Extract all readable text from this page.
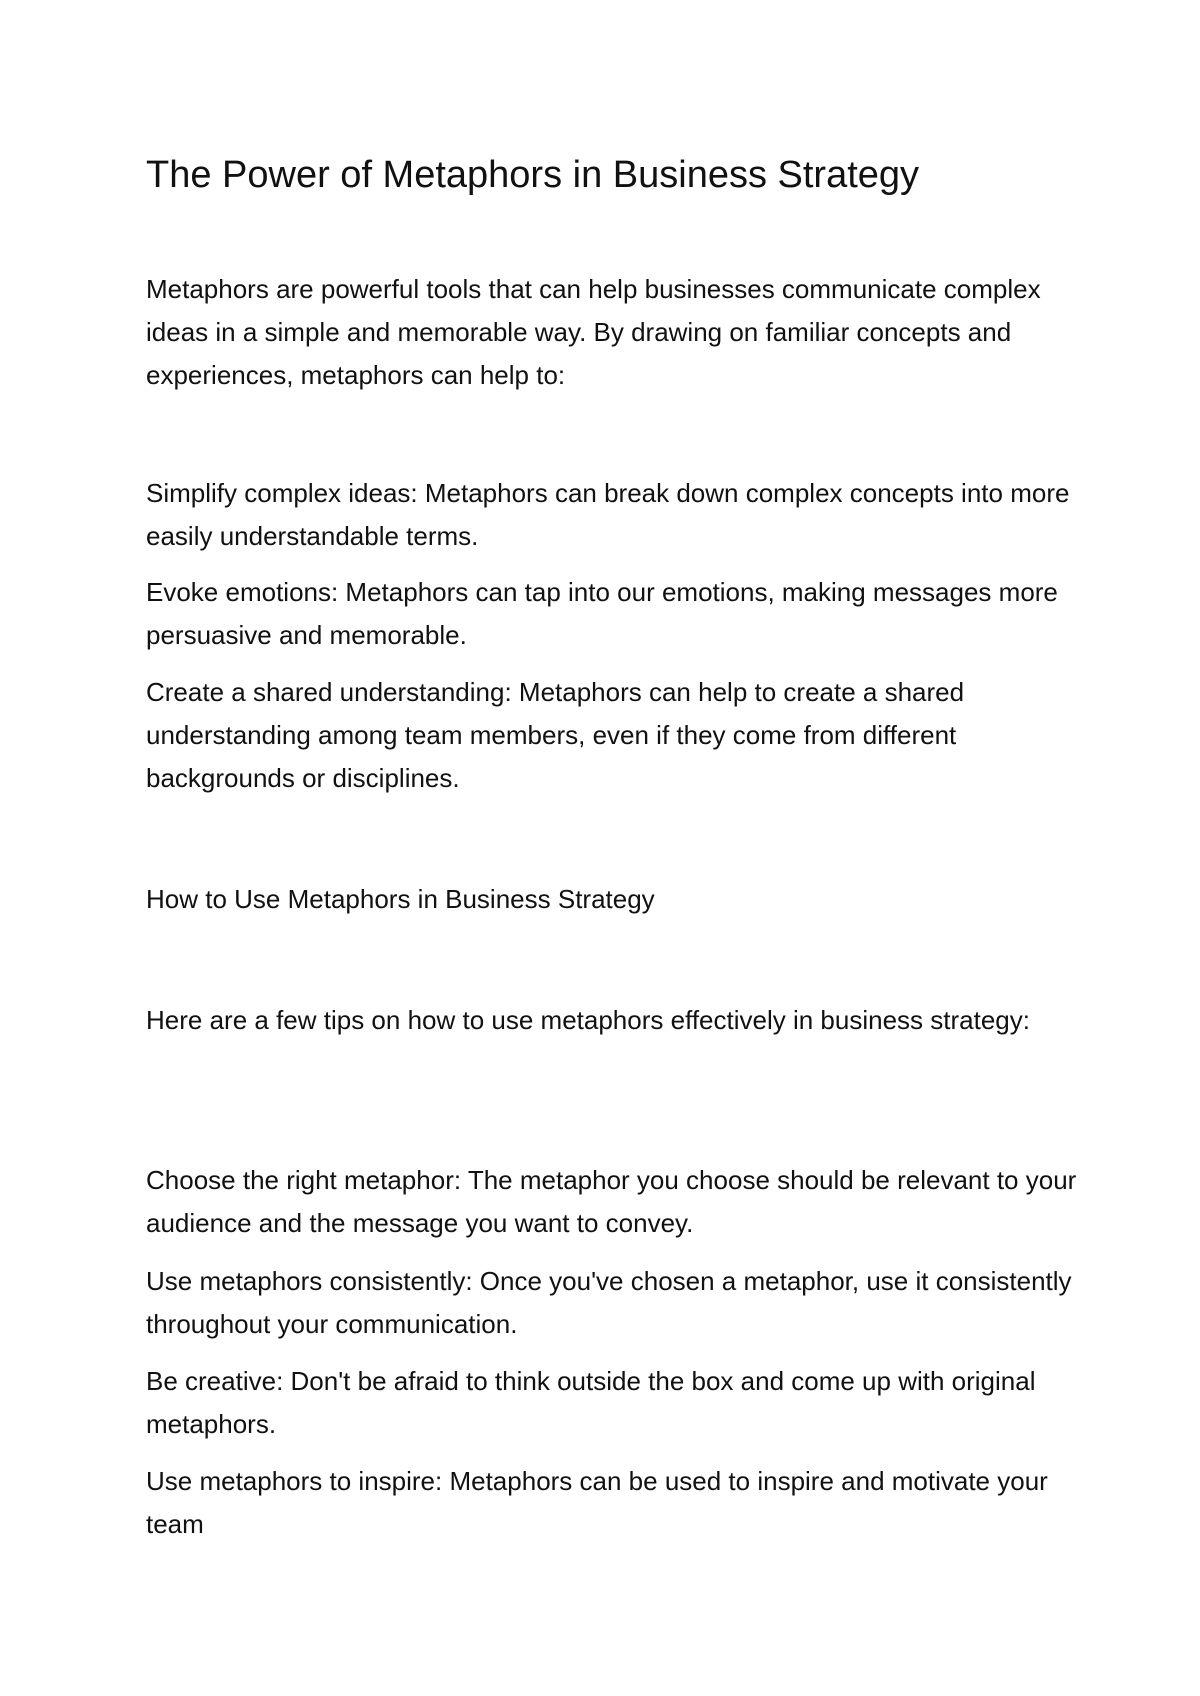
The Power of Metaphors in Business Strategy

Metaphors are powerful tools that can help businesses communicate complex ideas in a simple and memorable way. By drawing on familiar concepts and experiences, metaphors can help to:

Simplify complex ideas: Metaphors can break down complex concepts into more easily understandable terms.

Evoke emotions: Metaphors can tap into our emotions, making messages more persuasive and memorable.

Create a shared understanding: Metaphors can help to create a shared understanding among team members, even if they come from different backgrounds or disciplines.

How to Use Metaphors in Business Strategy

Here are a few tips on how to use metaphors effectively in business strategy:

Choose the right metaphor: The metaphor you choose should be relevant to your audience and the message you want to convey.

Use metaphors consistently: Once you've chosen a metaphor, use it consistently throughout your communication.

Be creative: Don't be afraid to think outside the box and come up with original metaphors.

Use metaphors to inspire: Metaphors can be used to inspire and motivate your team
